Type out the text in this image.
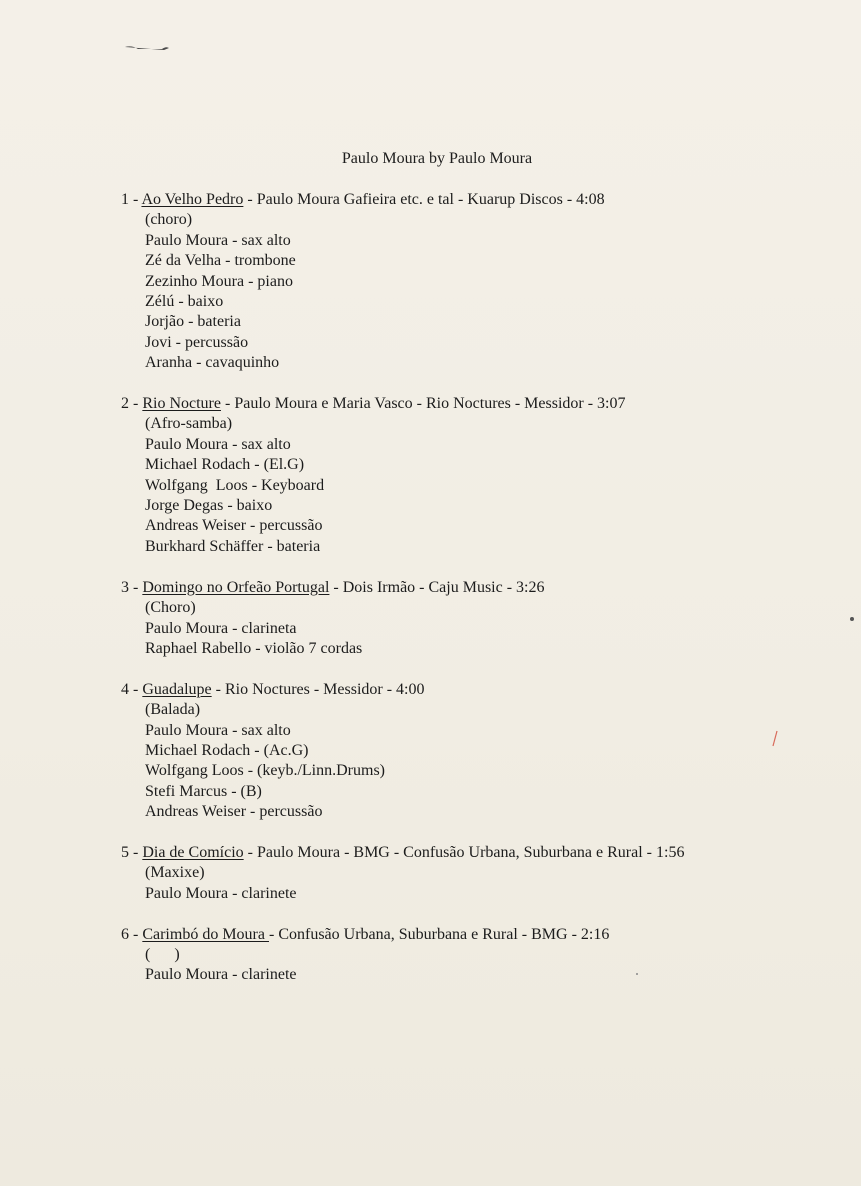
Paulo Moura by Paulo Moura
1 - Ao Velho Pedro - Paulo Moura Gafieira etc. e tal - Kuarup Discos - 4:08
(choro)
Paulo Moura - sax alto
Zé da Velha - trombone
Zezinho Moura - piano
Zélú - baixo
Jorjão - bateria
Jovi - percussão
Aranha - cavaquinho
2 - Rio Nocture - Paulo Moura e Maria Vasco - Rio Noctures - Messidor - 3:07
(Afro-samba)
Paulo Moura - sax alto
Michael Rodach - (El.G)
Wolfgang  Loos - Keyboard
Jorge Degas - baixo
Andreas Weiser - percussão
Burkhard Schäffer - bateria
3 - Domingo no Orfeão Portugal - Dois Irmão - Caju Music - 3:26
(Choro)
Paulo Moura - clarineta
Raphael Rabello - violão 7 cordas
4 - Guadalupe - Rio Noctures - Messidor - 4:00
(Balada)
Paulo Moura - sax alto
Michael Rodach - (Ac.G)
Wolfgang Loos - (keyb./Linn.Drums)
Stefi Marcus - (B)
Andreas Weiser - percussão
5 - Dia de Comício - Paulo Moura - BMG - Confusão Urbana, Suburbana e Rural - 1:56
(Maxixe)
Paulo Moura - clarinete
6 - Carimbó do Moura - Confusão Urbana, Suburbana e Rural - BMG - 2:16
(      )
Paulo Moura - clarinete
